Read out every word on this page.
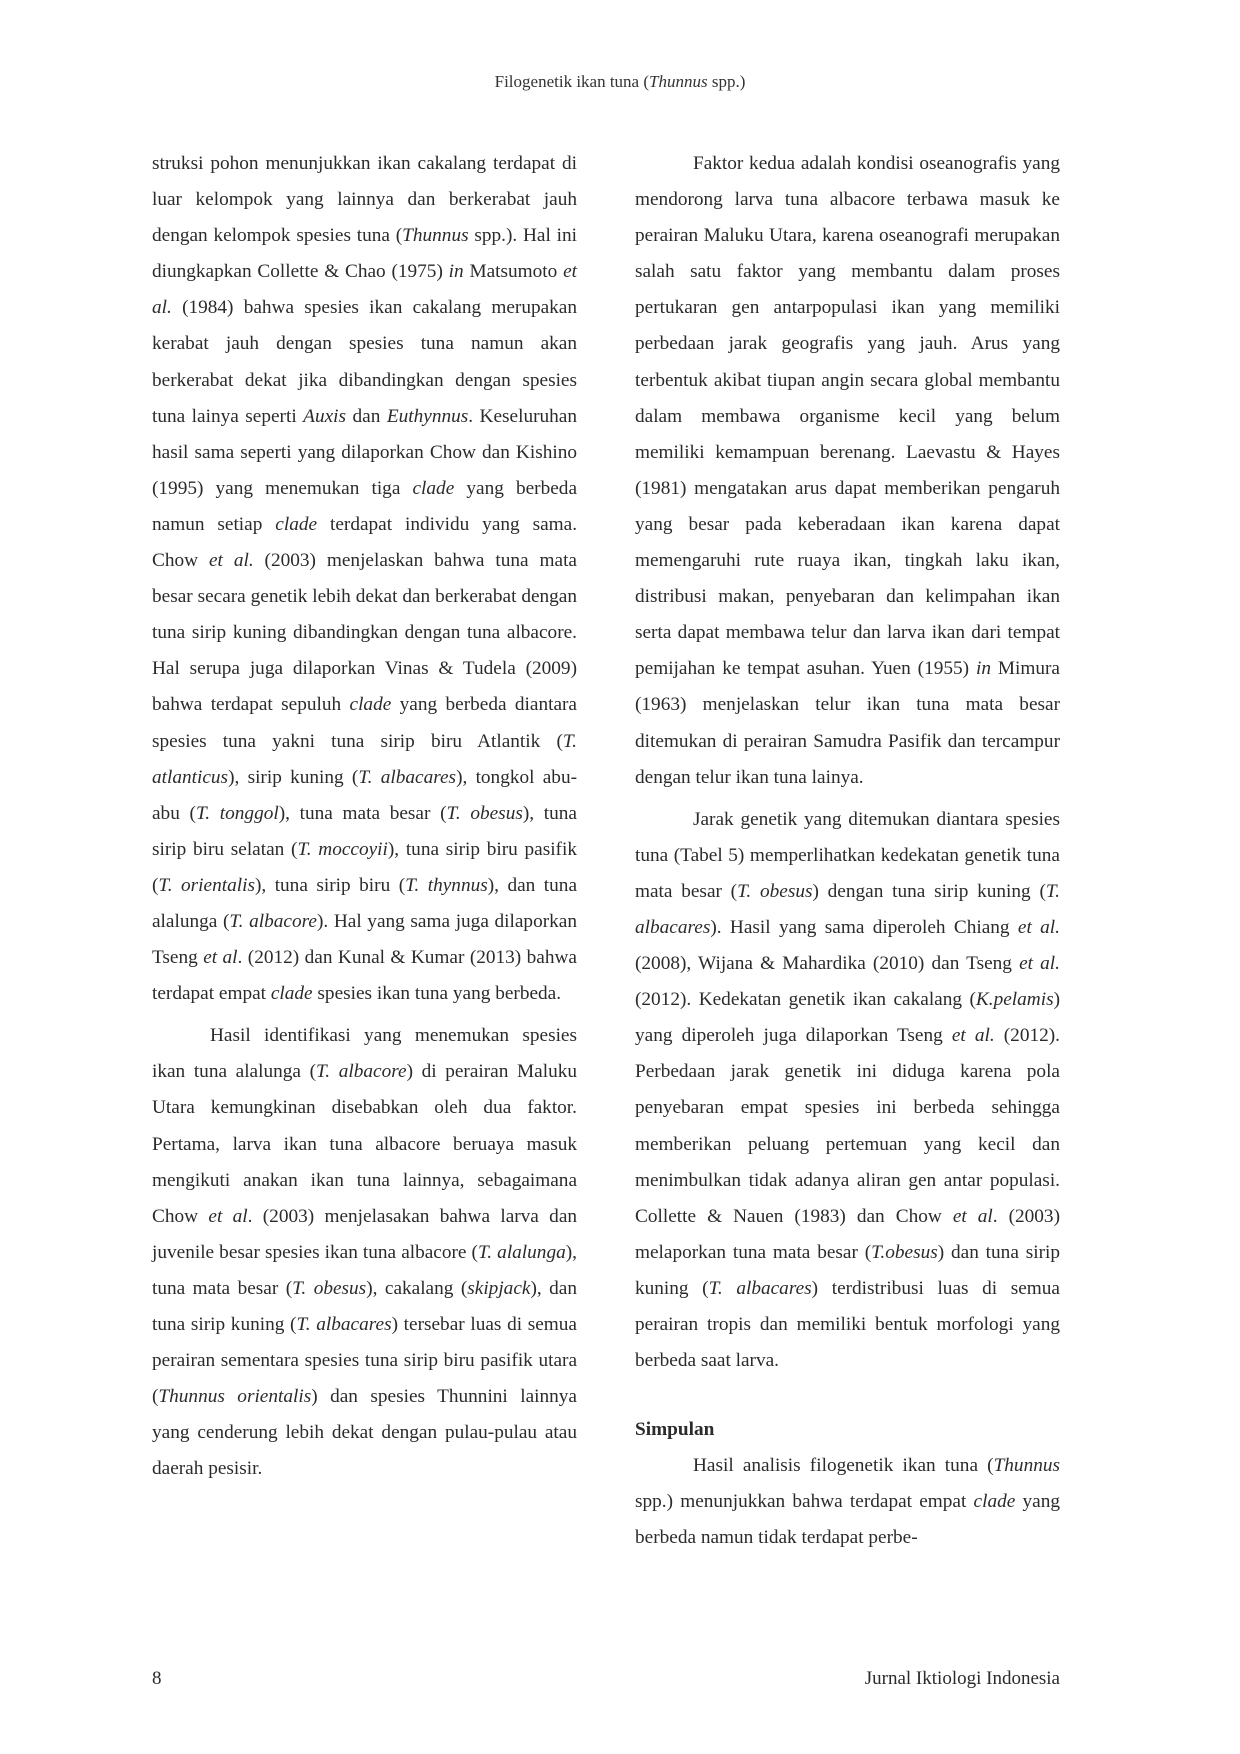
Filogenetik ikan tuna (Thunnus spp.)

struksi pohon menunjukkan ikan cakalang terdapat di luar kelompok yang lainnya dan berkerabat jauh dengan kelompok spesies tuna (Thunnus spp.). Hal ini diungkapkan Collette & Chao (1975) in Matsumoto et al. (1984) bahwa spesies ikan cakalang merupakan kerabat jauh dengan spesies tuna namun akan berkerabat dekat jika dibandingkan dengan spesies tuna lainya seperti Auxis dan Euthynnus. Keseluruhan hasil sama seperti yang dilaporkan Chow dan Kishino (1995) yang menemukan tiga clade yang berbeda namun setiap clade terdapat individu yang sama. Chow et al. (2003) menjelaskan bahwa tuna mata besar secara genetik lebih dekat dan berkerabat dengan tuna sirip kuning dibandingkan dengan tuna albacore. Hal serupa juga dilaporkan Vinas & Tudela (2009) bahwa terdapat sepuluh clade yang berbeda diantara spesies tuna yakni tuna sirip biru Atlantik (T. atlanticus), sirip kuning (T. albacares), tongkol abu-abu (T. tonggol), tuna mata besar (T. obesus), tuna sirip biru selatan (T. moccoyii), tuna sirip biru pasifik (T. orientalis), tuna sirip biru (T. thynnus), dan tuna alalunga (T. albacore). Hal yang sama juga dilaporkan Tseng et al. (2012) dan Kunal & Kumar (2013) bahwa terdapat empat clade spesies ikan tuna yang berbeda.

Hasil identifikasi yang menemukan spesies ikan tuna alalunga (T. albacore) di perairan Maluku Utara kemungkinan disebabkan oleh dua faktor. Pertama, larva ikan tuna albacore beruaya masuk mengikuti anakan ikan tuna lainnya, sebagaimana Chow et al. (2003) menjelasakan bahwa larva dan juvenile besar spesies ikan tuna albacore (T. alalunga), tuna mata besar (T. obesus), cakalang (skipjack), dan tuna sirip kuning (T. albacares) tersebar luas di semua perairan sementara spesies tuna sirip biru pasifik utara (Thunnus orientalis) dan spesies Thunnini lainnya yang cenderung lebih dekat dengan pulau-pulau atau daerah pesisir.

Faktor kedua adalah kondisi oseanografis yang mendorong larva tuna albacore terbawa masuk ke perairan Maluku Utara, karena oseanografi merupakan salah satu faktor yang membantu dalam proses pertukaran gen antarpopulasi ikan yang memiliki perbedaan jarak geografis yang jauh. Arus yang terbentuk akibat tiupan angin secara global membantu dalam membawa organisme kecil yang belum memiliki kemampuan berenang. Laevastu & Hayes (1981) mengatakan arus dapat memberikan pengaruh yang besar pada keberadaan ikan karena dapat memengaruhi rute ruaya ikan, tingkah laku ikan, distribusi makan, penyebaran dan kelimpahan ikan serta dapat membawa telur dan larva ikan dari tempat pemijahan ke tempat asuhan. Yuen (1955) in Mimura (1963) menjelaskan telur ikan tuna mata besar ditemukan di perairan Samudra Pasifik dan tercampur dengan telur ikan tuna lainya.

Jarak genetik yang ditemukan diantara spesies tuna (Tabel 5) memperlihatkan kedekatan genetik tuna mata besar (T. obesus) dengan tuna sirip kuning (T. albacares). Hasil yang sama diperoleh Chiang et al. (2008), Wijana & Mahardika (2010) dan Tseng et al. (2012). Kedekatan genetik ikan cakalang (K.pelamis) yang diperoleh juga dilaporkan Tseng et al. (2012). Perbedaan jarak genetik ini diduga karena pola penyebaran empat spesies ini berbeda sehingga memberikan peluang pertemuan yang kecil dan menimbulkan tidak adanya aliran gen antar populasi. Collette & Nauen (1983) dan Chow et al. (2003) melaporkan tuna mata besar (T.obesus) dan tuna sirip kuning (T. albacares) terdistribusi luas di semua perairan tropis dan memiliki bentuk morfologi yang berbeda saat larva.

Simpulan

Hasil analisis filogenetik ikan tuna (Thunnus spp.) menunjukkan bahwa terdapat empat clade yang berbeda namun tidak terdapat perbe-

8	Jurnal Iktiologi Indonesia
